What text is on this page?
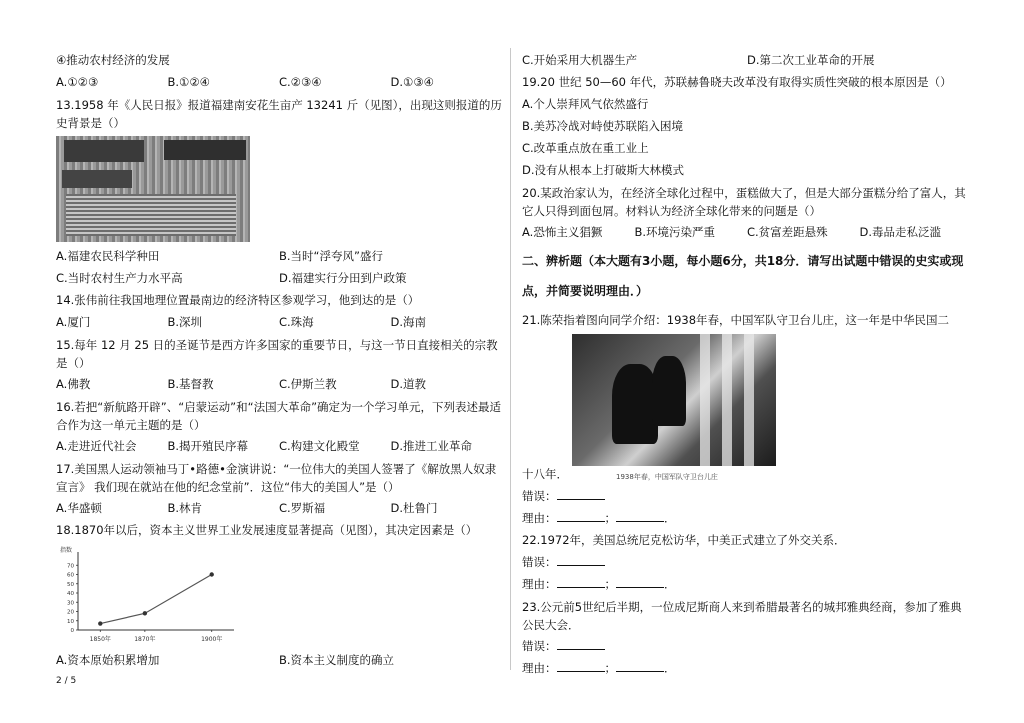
④推动农村经济的发展

A.①②③	B.①②④	C.②③④	D.①③④

13.1958 年《人民日报》报道福建南安花生亩产 13241 斤（见图），出现这则报道的历史背景是（）

A.福建农民科学种田	B.当时“浮夸风”盛行
C.当时农村生产力水平高	D.福建实行分田到户政策

14.张伟前往我国地理位置最南边的经济特区参观学习，他到达的是（）

A.厦门	B.深圳	C.珠海	D.海南

15.每年 12 月 25 日的圣诞节是西方许多国家的重要节日，与这一节日直接相关的宗教是（）

A.佛教	B.基督教	C.伊斯兰教	D.道教

16.若把“新航路开辟”、“启蒙运动”和“法国大革命”确定为一个学习单元，下列表述最适合作为这一单元主题的是（）

A.走进近代社会	B.揭开殖民序幕	C.构建文化殿堂	D.推进工业革命

17.美国黑人运动领袖马丁•路德•金演讲说：“一位伟大的美国人签署了《解放黑人奴隶宣言》 我们现在就站在他的纪念堂前”．这位“伟大的美国人”是（）

A.华盛顿	B.林肯	C.罗斯福	D.杜鲁门

18.1870年以后，资本主义世界工业发展速度显著提高（见图），其决定因素是（）

指数
0
10
20
30
40
50
60
70
1850年	1870年	1900年
A.资本原始积累增加	B.资本主义制度的确立
C.开始采用大机器生产	D.第二次工业革命的开展

19.20 世纪 50—60 年代，苏联赫鲁晓夫改革没有取得实质性突破的根本原因是（）

A.个人崇拜风气依然盛行

B.美苏冷战对峙使苏联陷入困境

C.改革重点放在重工业上

D.没有从根本上打破斯大林模式

20.某政治家认为，在经济全球化过程中，蛋糕做大了，但是大部分蛋糕分给了富人，其它人只得到面包屑。材料认为经济全球化带来的问题是（）

A.恐怖主义猖獗	B.环境污染严重	C.贫富差距悬殊	D.毒品走私泛滥

二、辨析题（本大题有3小题，每小题6分，共18分．请写出试题中错误的史实或现点，并简要说明理由．）

21.陈荣指着图向同学介绍：1938年春，中国军队守卫台儿庄，这一年是中华民国二

十八年．	1938年春，中国军队守卫台儿庄

错误：

理由：	；	．

22.1972年，美国总统尼克松访华，中美正式建立了外交关系．

错误：

理由：	；	．

23.公元前5世纪后半期，一位成尼斯商人来到希腊最著名的城邦雅典经商，参加了雅典公民大会．

错误：

理由：	；	．

2 / 5
